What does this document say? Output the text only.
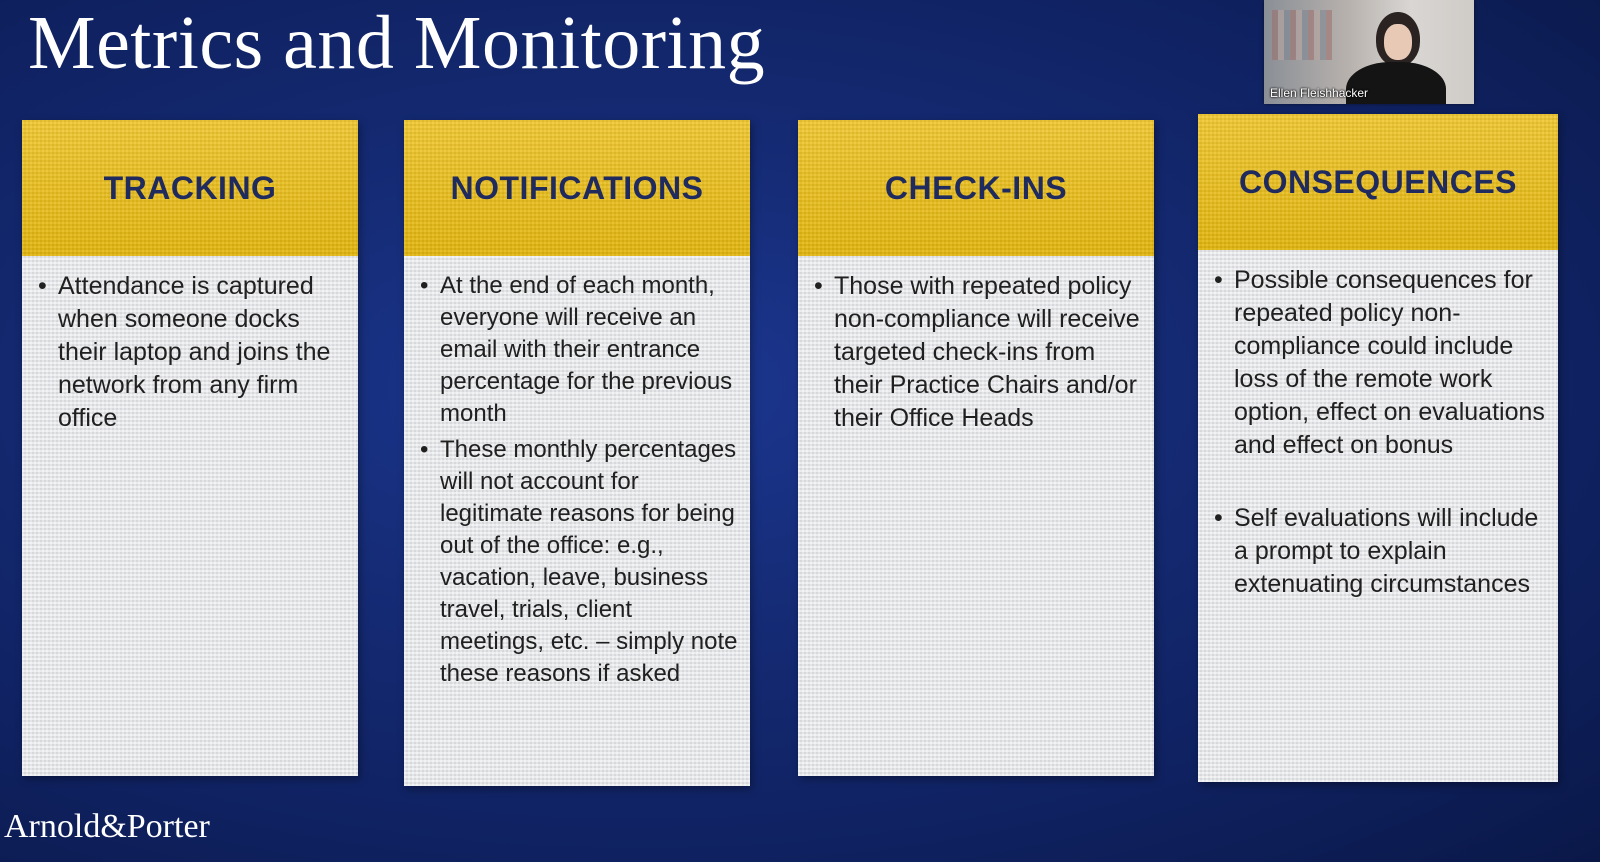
Metrics and Monitoring
Ellen Fleishhacker
TRACKING
• Attendance is captured when someone docks their laptop and joins the network from any firm office
NOTIFICATIONS
• At the end of each month, everyone will receive an email with their entrance percentage for the previous month
• These monthly percentages will not account for legitimate reasons for being out of the office: e.g., vacation, leave, business travel, trials, client meetings, etc. – simply note these reasons if asked
CHECK-INS
• Those with repeated policy non-compliance will receive targeted check-ins from their Practice Chairs and/or their Office Heads
CONSEQUENCES
• Possible consequences for repeated policy non-compliance could include loss of the remote work option, effect on evaluations and effect on bonus
• Self evaluations will include a prompt to explain extenuating circumstances
Arnold&Porter
